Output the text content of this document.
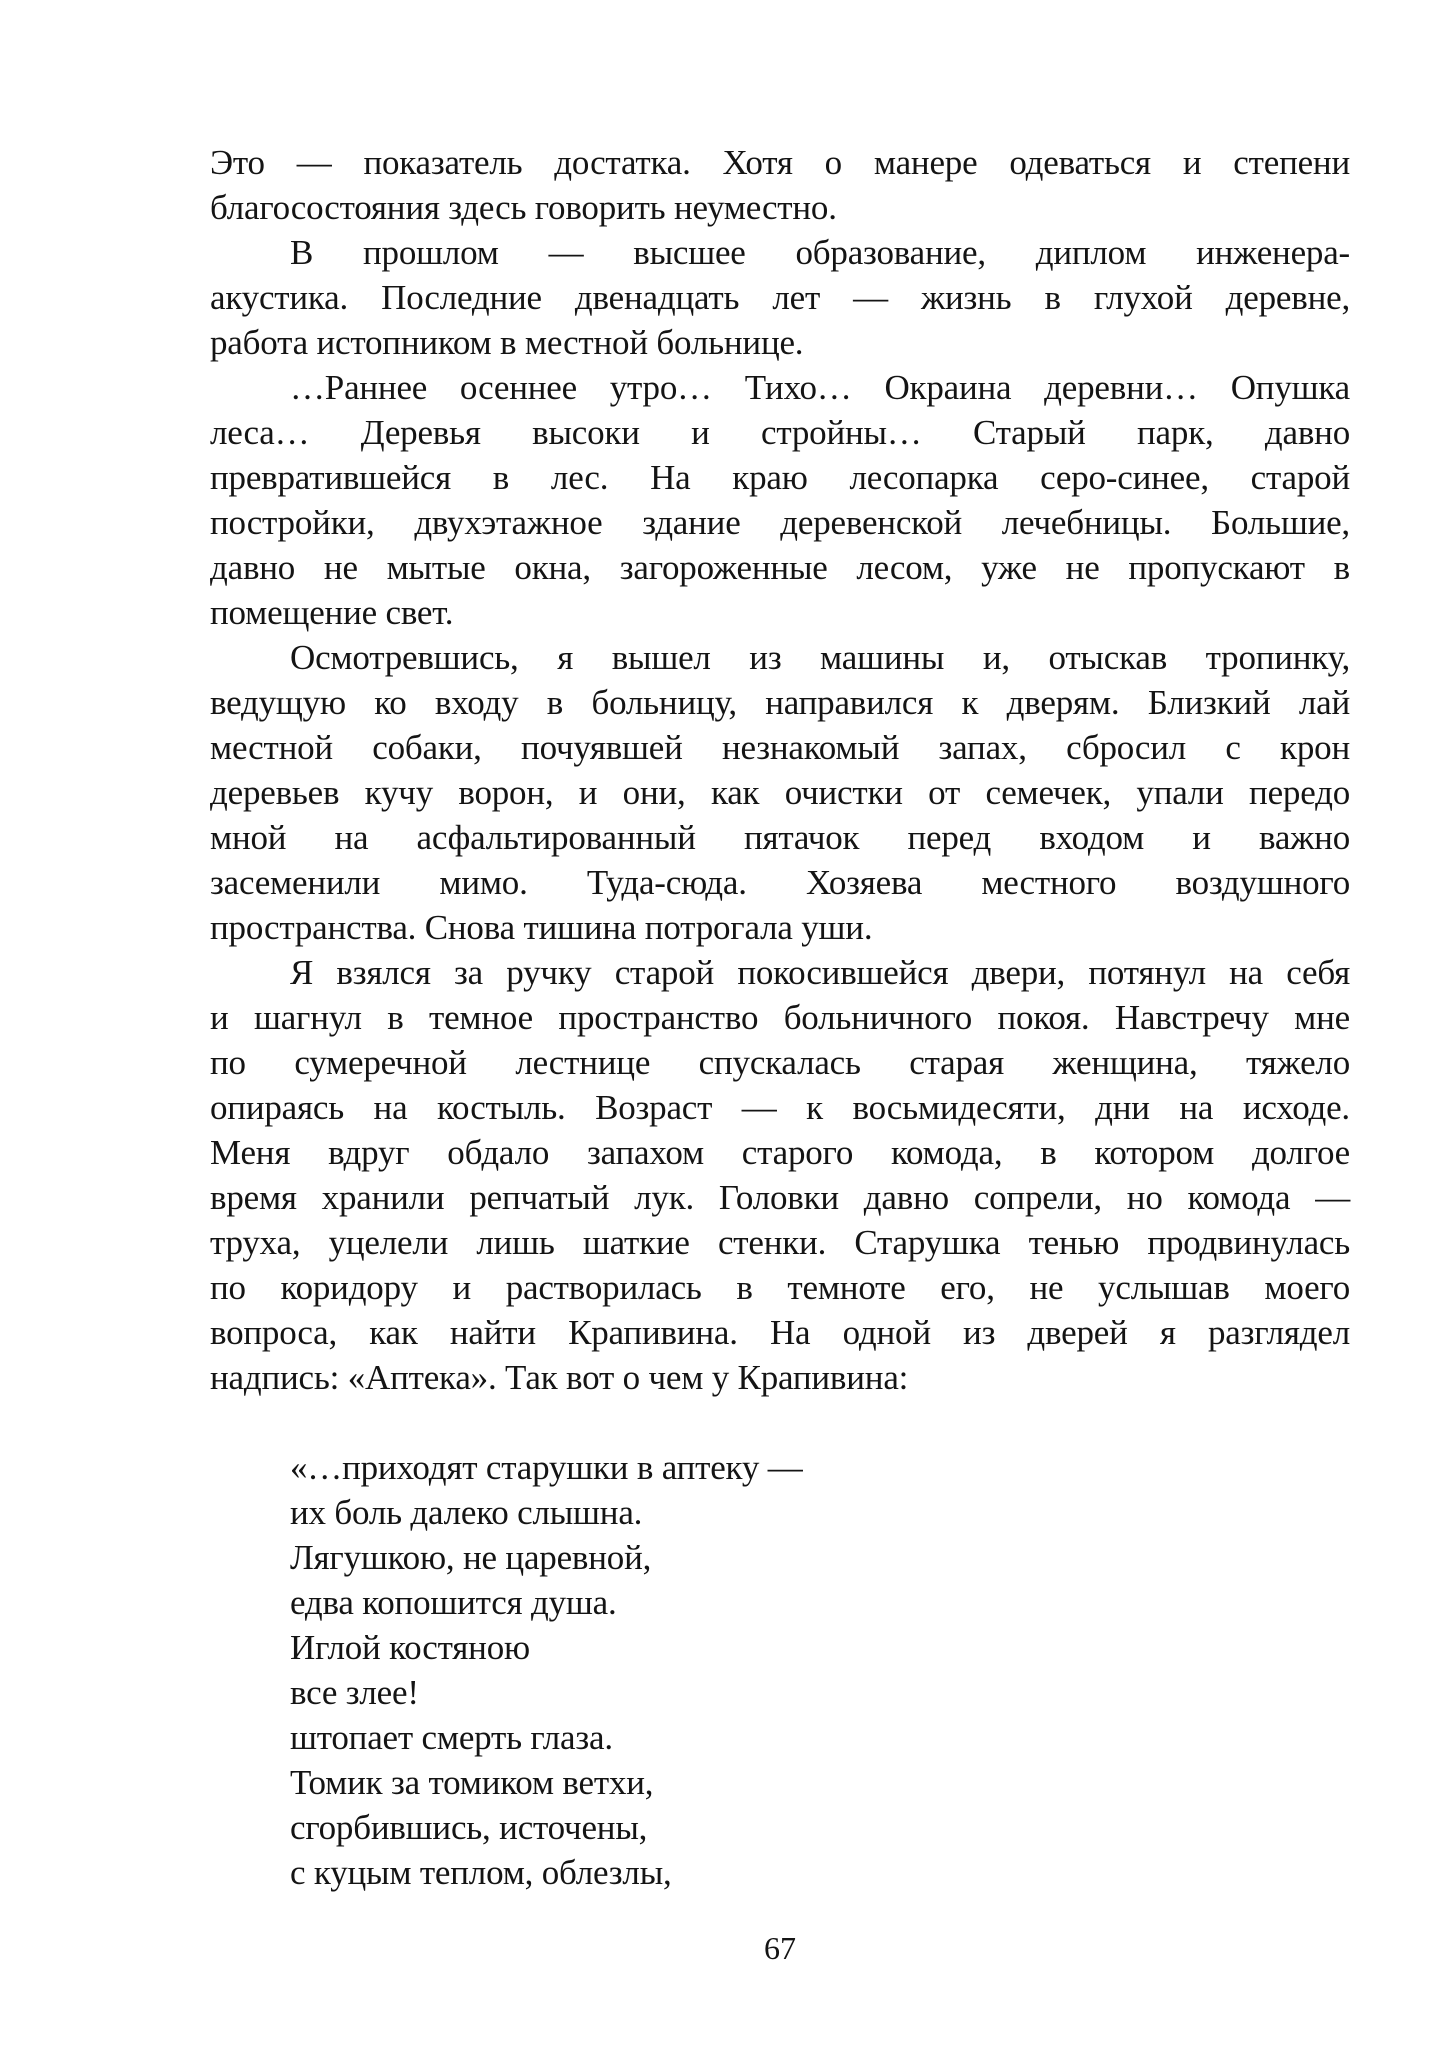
Это — показатель достатка. Хотя о манере одеваться и степени
благосостояния здесь говорить неуместно.

В прошлом — высшее образование, диплом инженера-
акустика. Последние двенадцать лет — жизнь в глухой деревне,
работа истопником в местной больнице.

…Раннее осеннее утро… Тихо… Окраина деревни… Опушка
леса… Деревья высоки и стройны… Старый парк, давно
превратившейся в лес. На краю лесопарка серо-синее, старой
постройки, двухэтажное здание деревенской лечебницы. Большие,
давно не мытые окна, загороженные лесом, уже не пропускают в
помещение свет.

Осмотревшись, я вышел из машины и, отыскав тропинку,
ведущую ко входу в больницу, направился к дверям. Близкий лай
местной собаки, почуявшей незнакомый запах, сбросил с крон
деревьев кучу ворон, и они, как очистки от семечек, упали передо
мной на асфальтированный пятачок перед входом и важно
засеменили мимо. Туда-сюда. Хозяева местного воздушного
пространства. Снова тишина потрогала уши.

Я взялся за ручку старой покосившейся двери, потянул на себя
и шагнул в темное пространство больничного покоя. Навстречу мне
по сумеречной лестнице спускалась старая женщина, тяжело
опираясь на костыль. Возраст — к восьмидесяти, дни на исходе.
Меня вдруг обдало запахом старого комода, в котором долгое
время хранили репчатый лук. Головки давно сопрели, но комода —
труха, уцелели лишь шаткие стенки. Старушка тенью продвинулась
по коридору и растворилась в темноте его, не услышав моего
вопроса, как найти Крапивина. На одной из дверей я разглядел
надпись: «Аптека». Так вот о чем у Крапивина:

«…приходят старушки в аптеку —
их боль далеко слышна.
Лягушкою, не царевной,
едва копошится душа.
Иглой костяною
все злее!
штопает смерть глаза.
Томик за томиком ветхи,
сгорбившись, источены,
с куцым теплом, облезлы,
67
